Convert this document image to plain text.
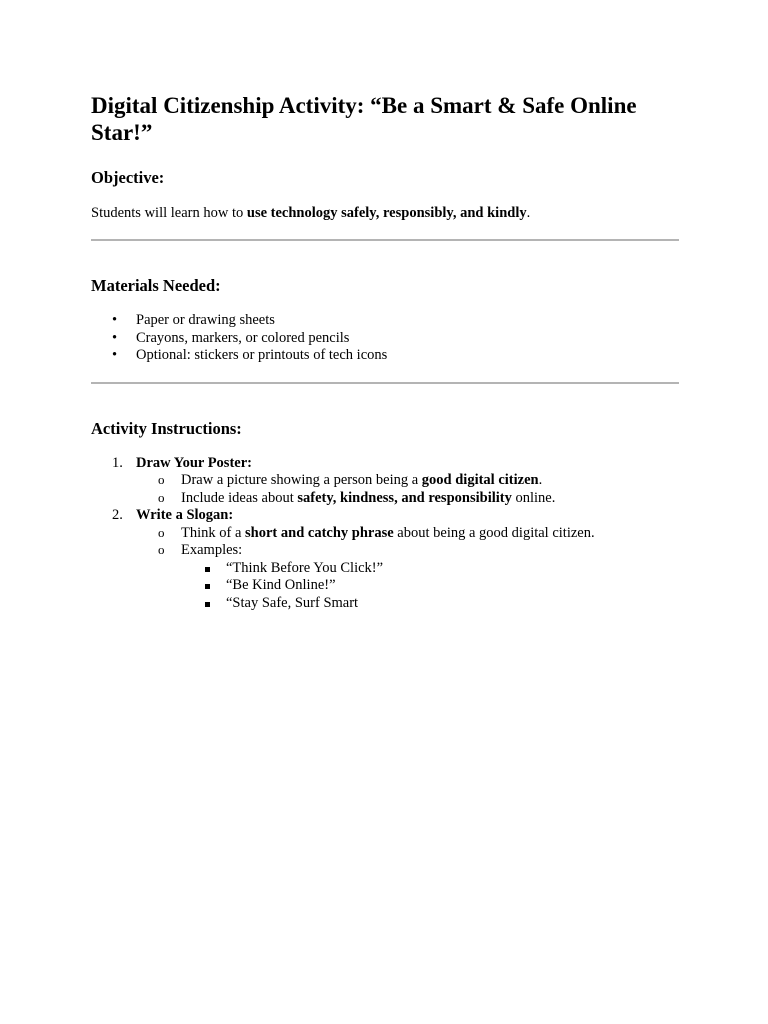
Digital Citizenship Activity: “Be a Smart & Safe Online Star!”
Objective:

Students will learn how to use technology safely, responsibly, and kindly.

Materials Needed:
• Paper or drawing sheets
• Crayons, markers, or colored pencils
• Optional: stickers or printouts of tech icons
Activity Instructions:
1. Draw Your Poster:
o Draw a picture showing a person being a good digital citizen.
o Include ideas about safety, kindness, and responsibility online.
2. Write a Slogan:
o Think of a short and catchy phrase about being a good digital citizen.
o Examples:
“Think Before You Click!”
“Be Kind Online!”
“Stay Safe, Surf Smart
